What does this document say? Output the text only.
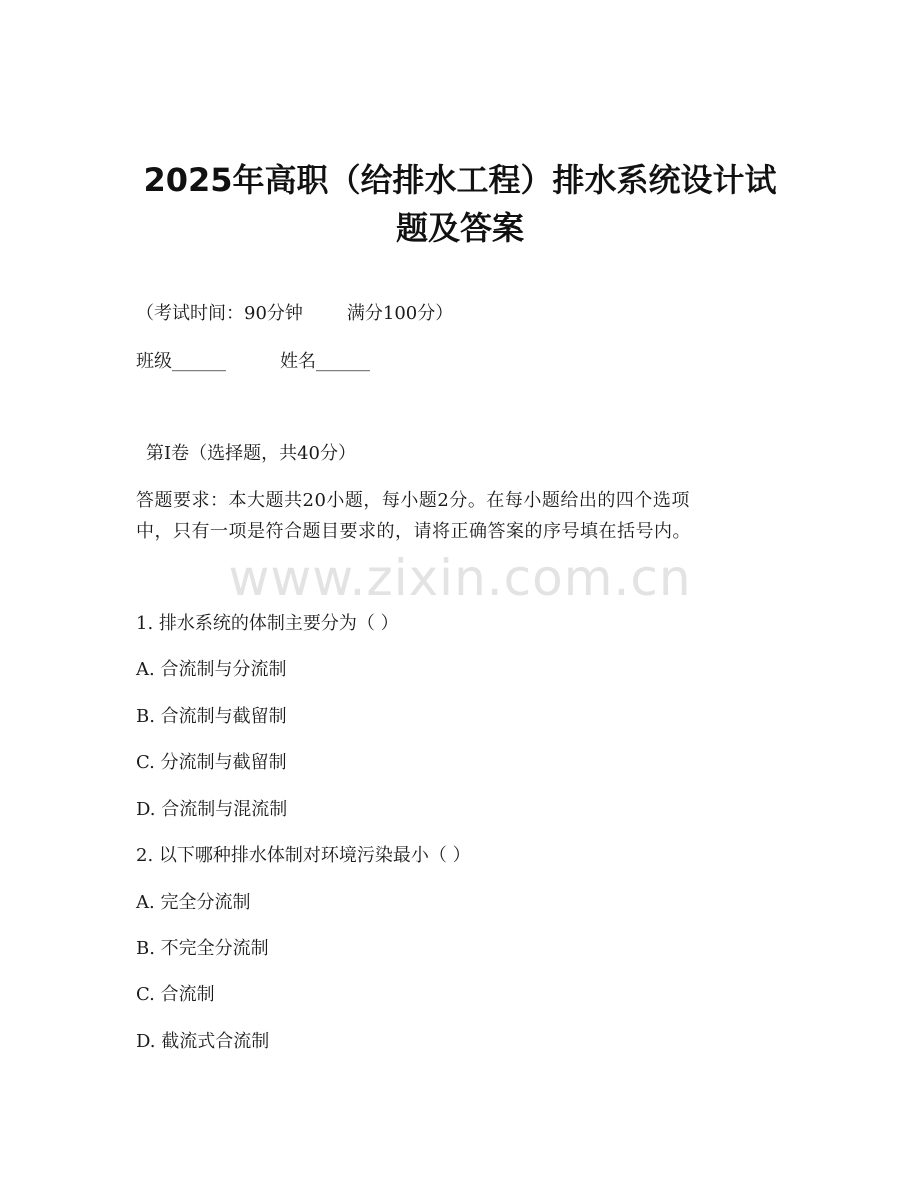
2025年高职（给排水工程）排水系统设计试
题及答案
（考试时间：90分钟 满分100分）
班级______	姓名______
第Ⅰ卷（选择题，共40分）
答题要求：本大题共20小题，每小题2分。在每小题给出的四个选项
中，只有一项是符合题目要求的，请将正确答案的序号填在括号内。
www.zixin.com.cn
1. 排水系统的体制主要分为（ ）
A. 合流制与分流制
B. 合流制与截留制
C. 分流制与截留制
D. 合流制与混流制
2. 以下哪种排水体制对环境污染最小（ ）
A. 完全分流制
B. 不完全分流制
C. 合流制
D. 截流式合流制
